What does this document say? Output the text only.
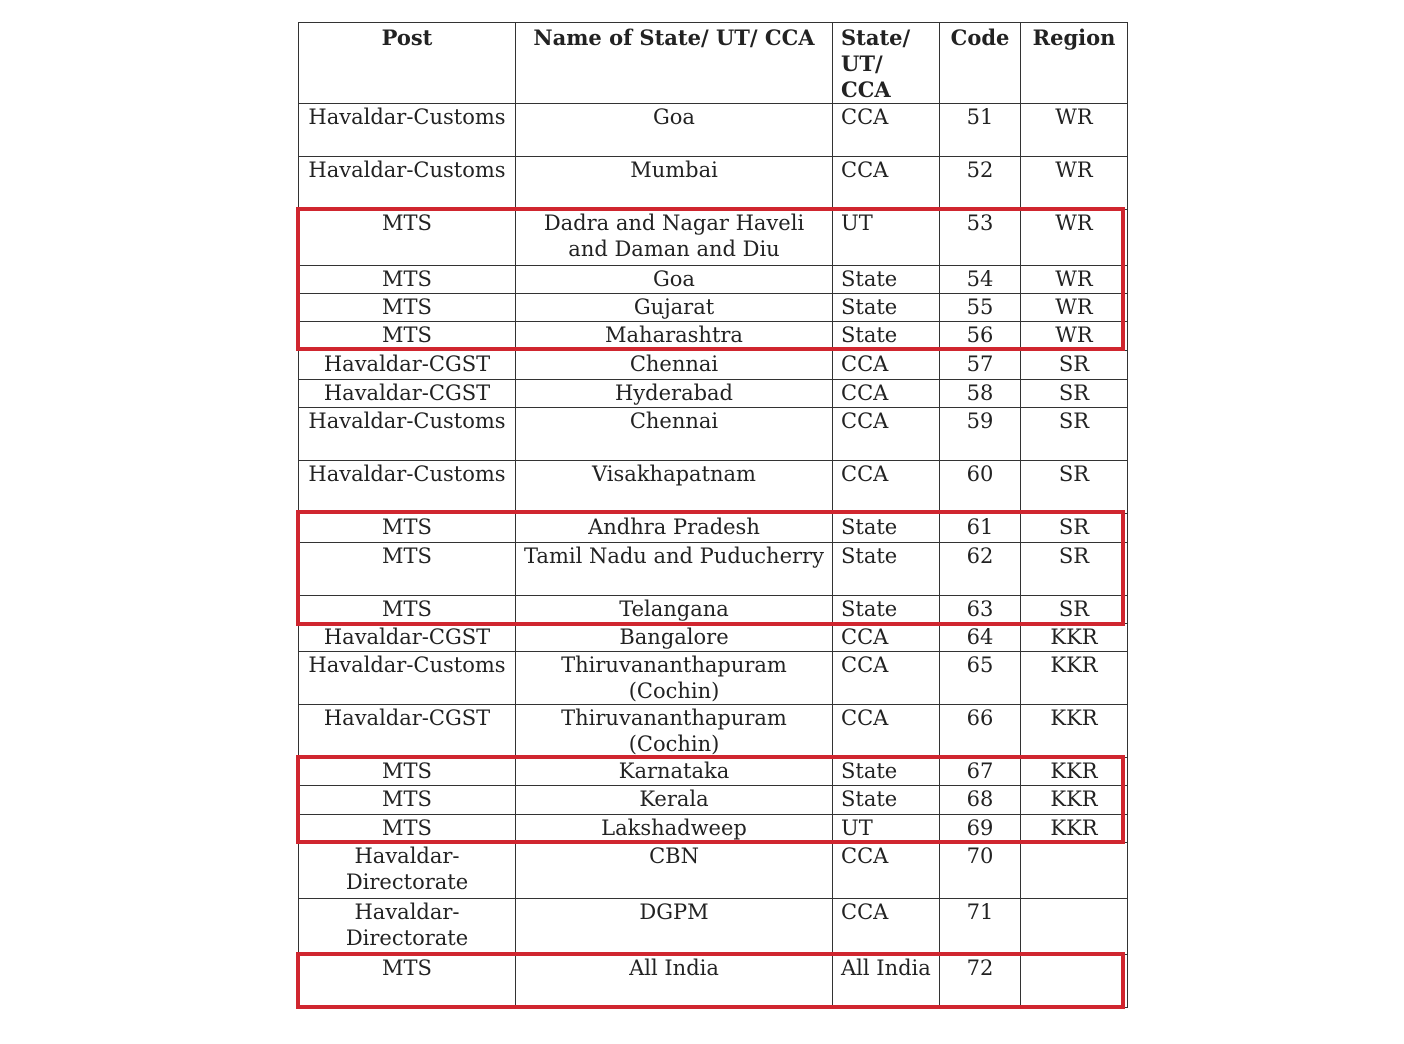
Post	Name of State/ UT/ CCA	State/ UT/ CCA	Code	Region
Havaldar-Customs	Goa	CCA	51	WR
Havaldar-Customs	Mumbai	CCA	52	WR
MTS	Dadra and Nagar Haveli and Daman and Diu	UT	53	WR
MTS	Goa	State	54	WR
MTS	Gujarat	State	55	WR
MTS	Maharashtra	State	56	WR
Havaldar-CGST	Chennai	CCA	57	SR
Havaldar-CGST	Hyderabad	CCA	58	SR
Havaldar-Customs	Chennai	CCA	59	SR
Havaldar-Customs	Visakhapatnam	CCA	60	SR
MTS	Andhra Pradesh	State	61	SR
MTS	Tamil Nadu and Puducherry	State	62	SR
MTS	Telangana	State	63	SR
Havaldar-CGST	Bangalore	CCA	64	KKR
Havaldar-Customs	Thiruvananthapuram (Cochin)	CCA	65	KKR
Havaldar-CGST	Thiruvananthapuram (Cochin)	CCA	66	KKR
MTS	Karnataka	State	67	KKR
MTS	Kerala	State	68	KKR
MTS	Lakshadweep	UT	69	KKR
Havaldar-Directorate	CBN	CCA	70	
Havaldar-Directorate	DGPM	CCA	71	
MTS	All India	All India	72	
